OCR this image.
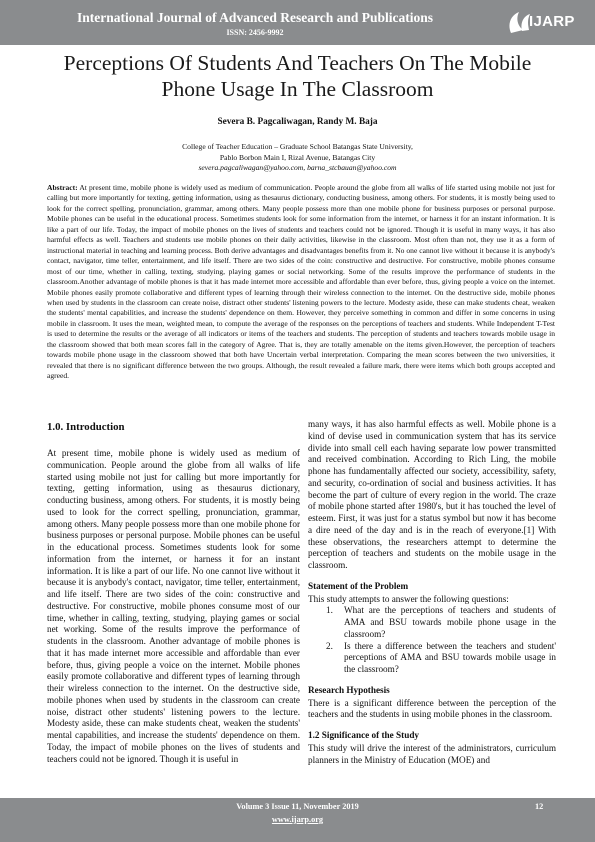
International Journal of Advanced Research and Publications
ISSN: 2456-9992
IJARP
Perceptions Of Students And Teachers On The Mobile Phone Usage In The Classroom
Severa B. Pagcaliwagan, Randy M. Baja
College of Teacher Education – Graduate School Batangas State University,
Pablo Borbon Main I, Rizal Avenue, Batangas City
severa.pagcaliwagan@yahoo.com, barna_stcbauan@yahoo.com
Abstract: At present time, mobile phone is widely used as medium of communication. People around the globe from all walks of life started using mobile not just for calling but more importantly for texting, getting information, using as thesaurus dictionary, conducting business, among others. For students, it is mostly being used to look for the correct spelling, pronunciation, grammar, among others. Many people possess more than one mobile phone for business purposes or personal purpose. Mobile phones can be useful in the educational process. Sometimes students look for some information from the internet, or harness it for an instant information. It is like a part of our life. Today, the impact of mobile phones on the lives of students and teachers could not be ignored. Though it is useful in many ways, it has also harmful effects as well. Teachers and students use mobile phones on their daily activities, likewise in the classroom. Most often than not, they use it as a form of instructional material in teaching and learning process. Both derive advantages and disadvantages benefits from it. No one cannot live without it because it is anybody's contact, navigator, time teller, entertainment, and life itself. There are two sides of the coin: constructive and destructive. For constructive, mobile phones consume most of our time, whether in calling, texting, studying, playing games or social networking. Some of the results improve the performance of students in the classroom.Another advantage of mobile phones is that it has made internet more accessible and affordable than ever before, thus, giving people a voice on the internet. Mobile phones easily promote collaborative and different types of learning through their wireless connection to the internet. On the destructive side, mobile phones when used by students in the classroom can create noise, distract other students' listening powers to the lecture. Modesty aside, these can make students cheat, weaken the students' mental capabilities, and increase the students' dependence on them. However, they perceive something in common and differ in some concerns in using mobile in classroom. It uses the mean, weighted mean, to compute the average of the responses on the perceptions of teachers and students. While Independent T-Test is used to determine the results or the average of all indicators or items of the teachers and students. The perception of students and teachers towards mobile usage in the classroom showed that both mean scores fall in the category of Agree. That is, they are totally amenable on the items given.However, the perception of teachers towards mobile phone usage in the classroom showed that both have Uncertain verbal interpretation. Comparing the mean scores between the two universities, it revealed that there is no significant difference between the two groups. Although, the result revealed a failure mark, there were items which both groups accepted and agreed.
1.0. Introduction

At present time, mobile phone is widely used as medium of communication. People around the globe from all walks of life started using mobile not just for calling but more importantly for texting, getting information, using as thesaurus dictionary, conducting business, among others. For students, it is mostly being used to look for the correct spelling, pronunciation, grammar, among others. Many people possess more than one mobile phone for business purposes or personal purpose. Mobile phones can be useful in the educational process. Sometimes students look for some information from the internet, or harness it for an instant information. It is like a part of our life. No one cannot live without it because it is anybody's contact, navigator, time teller, entertainment, and life itself. There are two sides of the coin: constructive and destructive. For constructive, mobile phones consume most of our time, whether in calling, texting, studying, playing games or social net working. Some of the results improve the performance of students in the classroom. Another advantage of mobile phones is that it has made internet more accessible and affordable than ever before, thus, giving people a voice on the internet. Mobile phones easily promote collaborative and different types of learning through their wireless connection to the internet. On the destructive side, mobile phones when used by students in the classroom can create noise, distract other students' listening powers to the lecture. Modesty aside, these can make students cheat, weaken the students' mental capabilities, and increase the students' dependence on them. Today, the impact of mobile phones on the lives of students and teachers could not be ignored. Though it is useful in

many ways, it has also harmful effects as well. Mobile phone is a kind of devise used in communication system that has its service divide into small cell each having separate low power transmitted and received combination. According to Rich Ling, the mobile phone has fundamentally affected our society, accessibility, safety, and security, co-ordination of social and business activities. It has become the part of culture of every region in the world. The craze of mobile phone started after 1980's, but it has touched the level of esteem. First, it was just for a status symbol but now it has become a dire need of the day and is in the reach of everyone.[1] With these observations, the researchers attempt to determine the perception of teachers and students on the mobile usage in the classroom.

Statement of the Problem

This study attempts to answer the following questions:

1. What are the perceptions of teachers and students of AMA and BSU towards mobile phone usage in the classroom?
2. Is there a difference between the teachers and student' perceptions of AMA and BSU towards mobile usage in the classroom?
Research Hypothesis

There is a significant difference between the perception of the teachers and the students in using mobile phones in the classroom.

1.2 Significance of the Study

This study will drive the interest of the administrators, curriculum planners in the Ministry of Education (MOE) and

Volume 3 Issue 11, November 2019
www.ijarp.org
12
